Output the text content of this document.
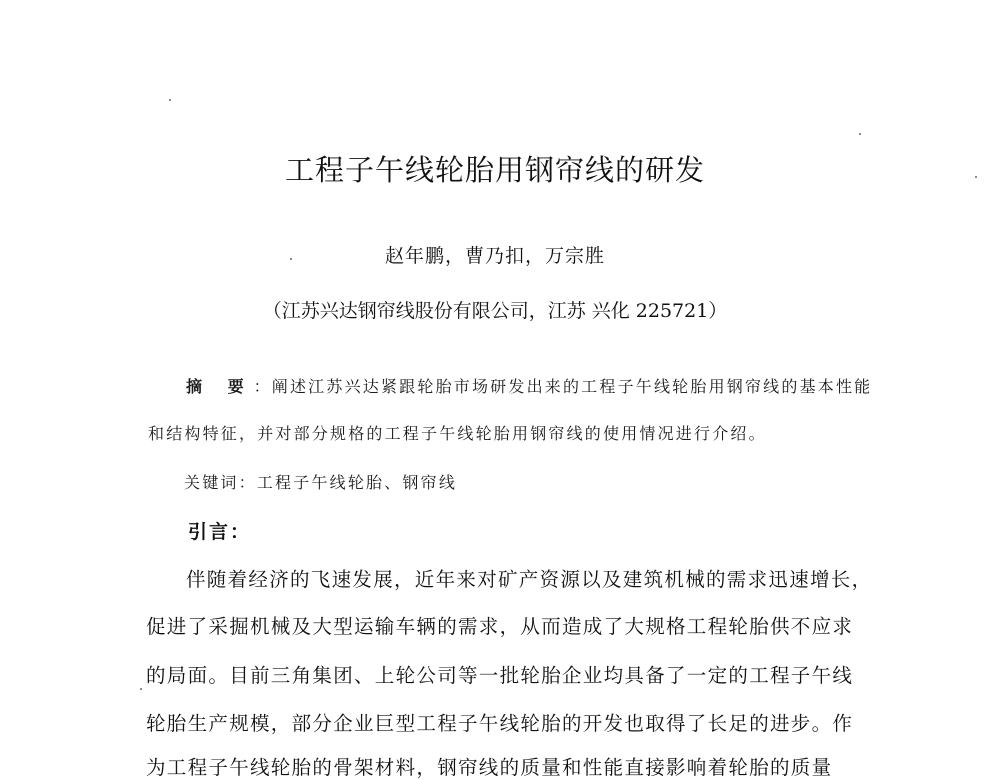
工程子午线轮胎用钢帘线的研发
赵年鹏，曹乃扣，万宗胜
（江苏兴达钢帘线股份有限公司，江苏 兴化 225721）
摘 要：阐述江苏兴达紧跟轮胎市场研发出来的工程子午线轮胎用钢帘线的基本性能
和结构特征，并对部分规格的工程子午线轮胎用钢帘线的使用情况进行介绍。
关键词：工程子午线轮胎、钢帘线
引言：
伴随着经济的飞速发展，近年来对矿产资源以及建筑机械的需求迅速增长，
促进了采掘机械及大型运输车辆的需求，从而造成了大规格工程轮胎供不应求
的局面。目前三角集团、上轮公司等一批轮胎企业均具备了一定的工程子午线
轮胎生产规模，部分企业巨型工程子午线轮胎的开发也取得了长足的进步。作
为工程子午线轮胎的骨架材料，钢帘线的质量和性能直接影响着轮胎的质量
